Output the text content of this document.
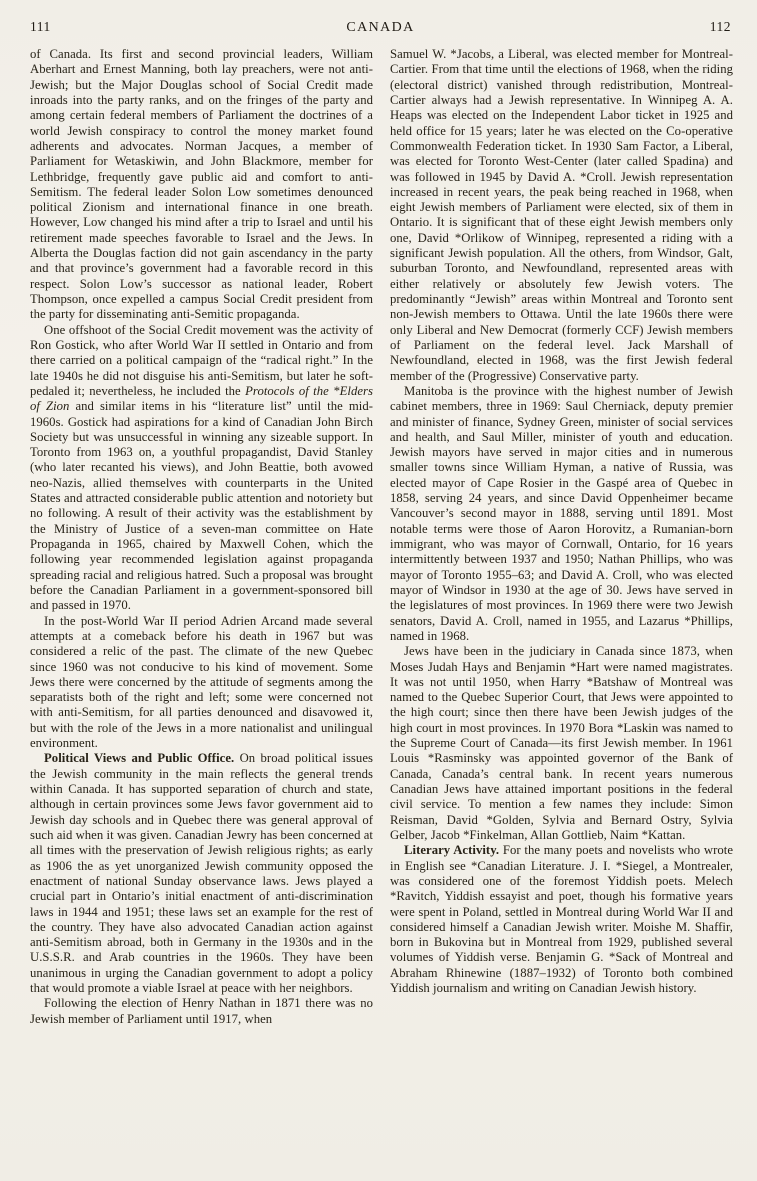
111	CANADA	112

of Canada. Its first and second provincial leaders, William Aberhart and Ernest Manning, both lay preachers, were not anti-Jewish; but the Major Douglas school of Social Credit made inroads into the party ranks, and on the fringes of the party and among certain federal members of Parliament the doctrines of a world Jewish conspiracy to control the money market found adherents and advocates. Norman Jacques, a member of Parliament for Wetaskiwin, and John Blackmore, member for Lethbridge, frequently gave public aid and comfort to anti-Semitism. The federal leader Solon Low sometimes denounced political Zionism and international finance in one breath. However, Low changed his mind after a trip to Israel and until his retirement made speeches favorable to Israel and the Jews. In Alberta the Douglas faction did not gain ascendancy in the party and that province’s government had a favorable record in this respect. Solon Low’s successor as national leader, Robert Thompson, once expelled a campus Social Credit president from the party for disseminating anti-Semitic propaganda.

One offshoot of the Social Credit movement was the activity of Ron Gostick, who after World War II settled in Ontario and from there carried on a political campaign of the “radical right.” In the late 1940s he did not disguise his anti-Semitism, but later he soft-pedaled it; nevertheless, he included the Protocols of the *Elders of Zion and similar items in his “literature list” until the mid-1960s. Gostick had aspirations for a kind of Canadian John Birch Society but was unsuccessful in winning any sizeable support. In Toronto from 1963 on, a youthful propagandist, David Stanley (who later recanted his views), and John Beattie, both avowed neo-Nazis, allied themselves with counterparts in the United States and attracted considerable public attention and notoriety but no following. A result of their activity was the establishment by the Ministry of Justice of a seven-man committee on Hate Propaganda in 1965, chaired by Maxwell Cohen, which the following year recommended legislation against propaganda spreading racial and religious hatred. Such a proposal was brought before the Canadian Parliament in a government-sponsored bill and passed in 1970.

In the post-World War II period Adrien Arcand made several attempts at a comeback before his death in 1967 but was considered a relic of the past. The climate of the new Quebec since 1960 was not conducive to his kind of movement. Some Jews there were concerned by the attitude of segments among the separatists both of the right and left; some were concerned not with anti-Semitism, for all parties denounced and disavowed it, but with the role of the Jews in a more nationalist and unilingual environment.

Political Views and Public Office. On broad political issues the Jewish community in the main reflects the general trends within Canada. It has supported separation of church and state, although in certain provinces some Jews favor government aid to Jewish day schools and in Quebec there was general approval of such aid when it was given. Canadian Jewry has been concerned at all times with the preservation of Jewish religious rights; as early as 1906 the as yet unorganized Jewish community opposed the enactment of national Sunday observance laws. Jews played a crucial part in Ontario’s initial enactment of anti-discrimination laws in 1944 and 1951; these laws set an example for the rest of the country. They have also advocated Canadian action against anti-Semitism abroad, both in Germany in the 1930s and in the U.S.S.R. and Arab countries in the 1960s. They have been unanimous in urging the Canadian government to adopt a policy that would promote a viable Israel at peace with her neighbors.

Following the election of Henry Nathan in 1871 there was no Jewish member of Parliament until 1917, when

Samuel W. *Jacobs, a Liberal, was elected member for Montreal-Cartier. From that time until the elections of 1968, when the riding (electoral district) vanished through redistribution, Montreal-Cartier always had a Jewish representative. In Winnipeg A. A. Heaps was elected on the Independent Labor ticket in 1925 and held office for 15 years; later he was elected on the Co-operative Commonwealth Federation ticket. In 1930 Sam Factor, a Liberal, was elected for Toronto West-Center (later called Spadina) and was followed in 1945 by David A. *Croll. Jewish representation increased in recent years, the peak being reached in 1968, when eight Jewish members of Parliament were elected, six of them in Ontario. It is significant that of these eight Jewish members only one, David *Orlikow of Winnipeg, represented a riding with a significant Jewish population. All the others, from Windsor, Galt, suburban Toronto, and Newfoundland, represented areas with either relatively or absolutely few Jewish voters. The predominantly “Jewish” areas within Montreal and Toronto sent non-Jewish members to Ottawa. Until the late 1960s there were only Liberal and New Democrat (formerly CCF) Jewish members of Parliament on the federal level. Jack Marshall of Newfoundland, elected in 1968, was the first Jewish federal member of the (Progressive) Conservative party.

Manitoba is the province with the highest number of Jewish cabinet members, three in 1969: Saul Cherniack, deputy premier and minister of finance, Sydney Green, minister of social services and health, and Saul Miller, minister of youth and education. Jewish mayors have served in major cities and in numerous smaller towns since William Hyman, a native of Russia, was elected mayor of Cape Rosier in the Gaspé area of Quebec in 1858, serving 24 years, and since David Oppenheimer became Vancouver’s second mayor in 1888, serving until 1891. Most notable terms were those of Aaron Horovitz, a Rumanian-born immigrant, who was mayor of Cornwall, Ontario, for 16 years intermittently between 1937 and 1950; Nathan Phillips, who was mayor of Toronto 1955–63; and David A. Croll, who was elected mayor of Windsor in 1930 at the age of 30. Jews have served in the legislatures of most provinces. In 1969 there were two Jewish senators, David A. Croll, named in 1955, and Lazarus *Phillips, named in 1968.

Jews have been in the judiciary in Canada since 1873, when Moses Judah Hays and Benjamin *Hart were named magistrates. It was not until 1950, when Harry *Batshaw of Montreal was named to the Quebec Superior Court, that Jews were appointed to the high court; since then there have been Jewish judges of the high court in most provinces. In 1970 Bora *Laskin was named to the Supreme Court of Canada—its first Jewish member. In 1961 Louis *Rasminsky was appointed governor of the Bank of Canada, Canada’s central bank. In recent years numerous Canadian Jews have attained important positions in the federal civil service. To mention a few names they include: Simon Reisman, David *Golden, Sylvia and Bernard Ostry, Sylvia Gelber, Jacob *Finkelman, Allan Gottlieb, Naim *Kattan.

Literary Activity. For the many poets and novelists who wrote in English see *Canadian Literature. J. I. *Siegel, a Montrealer, was considered one of the foremost Yiddish poets. Melech *Ravitch, Yiddish essayist and poet, though his formative years were spent in Poland, settled in Montreal during World War II and considered himself a Canadian Jewish writer. Moishe M. Shaffir, born in Bukovina but in Montreal from 1929, published several volumes of Yiddish verse. Benjamin G. *Sack of Montreal and Abraham Rhinewine (1887–1932) of Toronto both combined Yiddish journalism and writing on Canadian Jewish history.
